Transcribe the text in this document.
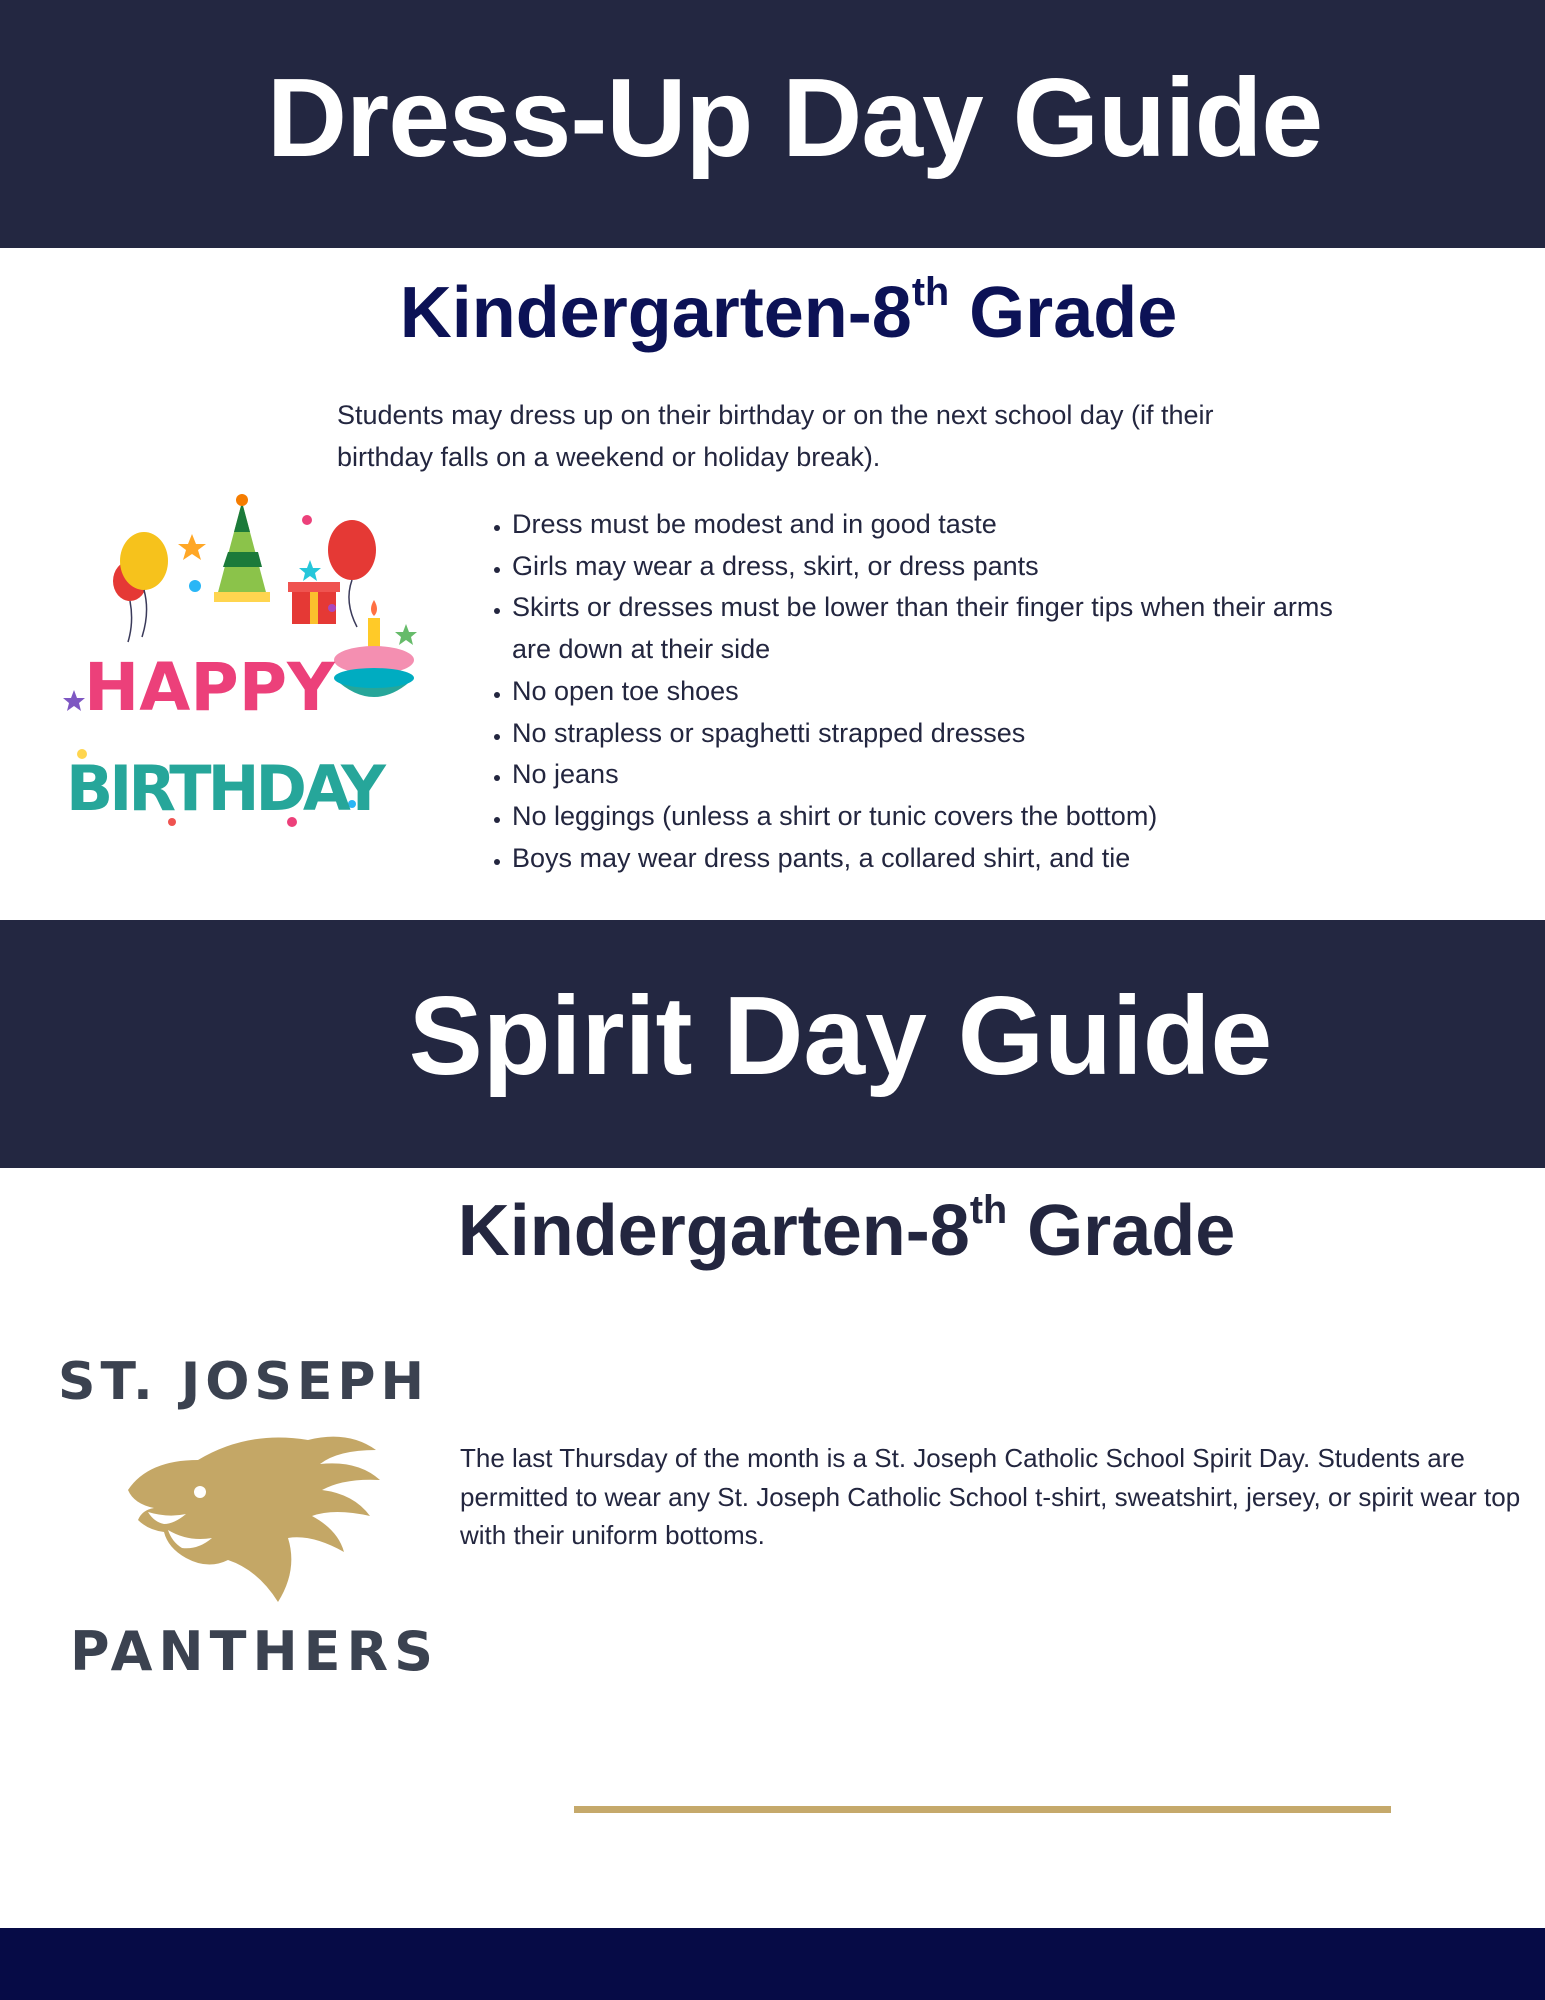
Dress-Up Day Guide
Kindergarten-8th Grade

Students may dress up on their birthday or on the next school day (if their birthday falls on a weekend or holiday break).

HAPPY
BIRTHDAY
• Dress must be modest and in good taste
• Girls may wear a dress, skirt, or dress pants
• Skirts or dresses must be lower than their finger tips when their arms are down at their side
• No open toe shoes
• No strapless or spaghetti strapped dresses
• No jeans
• No leggings (unless a shirt or tunic covers the bottom)
• Boys may wear dress pants, a collared shirt, and tie
Spirit Day Guide
Kindergarten-8th Grade
ST. JOSEPH
PANTHERS

The last Thursday of the month is a St. Joseph Catholic School Spirit Day. Students are permitted to wear any St. Joseph Catholic School t-shirt, sweatshirt, jersey, or spirit wear top with their uniform bottoms.
